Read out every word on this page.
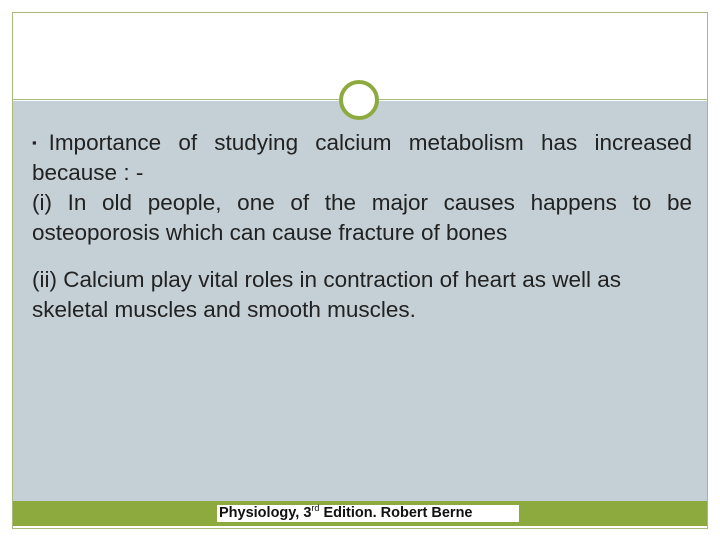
▪Importance of studying calcium metabolism has increased because : -
(i) In old people, one of the major causes happens to be osteoporosis which can cause fracture of bones

(ii) Calcium play vital roles in contraction of heart as well as skeletal muscles and smooth muscles.

Physiology, 3rd Edition. Robert Berne
